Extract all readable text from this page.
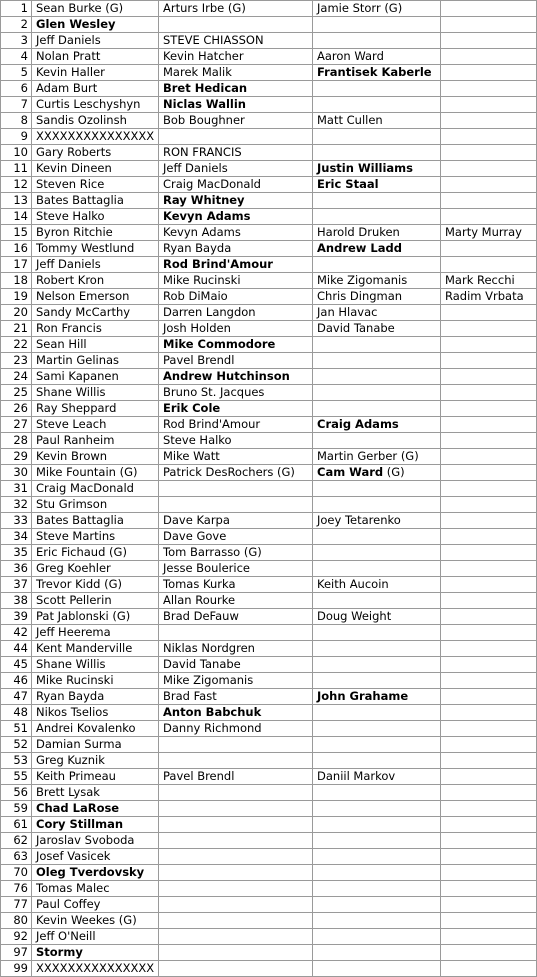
1	Sean Burke (G)	Arturs Irbe (G)	Jamie Storr (G)	
2	Glen Wesley			
3	Jeff Daniels	STEVE CHIASSON		
4	Nolan Pratt	Kevin Hatcher	Aaron Ward	
5	Kevin Haller	Marek Malik	Frantisek Kaberle	
6	Adam Burt	Bret Hedican		
7	Curtis Leschyshyn	Niclas Wallin		
8	Sandis Ozolinsh	Bob Boughner	Matt Cullen	
9	XXXXXXXXXXXXXXX			
10	Gary Roberts	RON FRANCIS		
11	Kevin Dineen	Jeff Daniels	Justin Williams	
12	Steven Rice	Craig MacDonald	Eric Staal	
13	Bates Battaglia	Ray Whitney		
14	Steve Halko	Kevyn Adams		
15	Byron Ritchie	Kevyn Adams	Harold Druken	Marty Murray
16	Tommy Westlund	Ryan Bayda	Andrew Ladd	
17	Jeff Daniels	Rod Brind'Amour		
18	Robert Kron	Mike Rucinski	Mike Zigomanis	Mark Recchi
19	Nelson Emerson	Rob DiMaio	Chris Dingman	Radim Vrbata
20	Sandy McCarthy	Darren Langdon	Jan Hlavac	
21	Ron Francis	Josh Holden	David Tanabe	
22	Sean Hill	Mike Commodore		
23	Martin Gelinas	Pavel Brendl		
24	Sami Kapanen	Andrew Hutchinson		
25	Shane Willis	Bruno St. Jacques		
26	Ray Sheppard	Erik Cole		
27	Steve Leach	Rod Brind'Amour	Craig Adams	
28	Paul Ranheim	Steve Halko		
29	Kevin Brown	Mike Watt	Martin Gerber (G)	
30	Mike Fountain (G)	Patrick DesRochers (G)	Cam Ward (G)	
31	Craig MacDonald			
32	Stu Grimson			
33	Bates Battaglia	Dave Karpa	Joey Tetarenko	
34	Steve Martins	Dave Gove		
35	Eric Fichaud (G)	Tom Barrasso (G)		
36	Greg Koehler	Jesse Boulerice		
37	Trevor Kidd (G)	Tomas Kurka	Keith Aucoin	
38	Scott Pellerin	Allan Rourke		
39	Pat Jablonski (G)	Brad DeFauw	Doug Weight	
42	Jeff Heerema			
44	Kent Manderville	Niklas Nordgren		
45	Shane Willis	David Tanabe		
46	Mike Rucinski	Mike Zigomanis		
47	Ryan Bayda	Brad Fast	John Grahame	
48	Nikos Tselios	Anton Babchuk		
51	Andrei Kovalenko	Danny Richmond		
52	Damian Surma			
53	Greg Kuznik			
55	Keith Primeau	Pavel Brendl	Daniil Markov	
56	Brett Lysak			
59	Chad LaRose			
61	Cory Stillman			
62	Jaroslav Svoboda			
63	Josef Vasicek			
70	Oleg Tverdovsky			
76	Tomas Malec			
77	Paul Coffey			
80	Kevin Weekes (G)			
92	Jeff O'Neill			
97	Stormy			
99	XXXXXXXXXXXXXXX			
